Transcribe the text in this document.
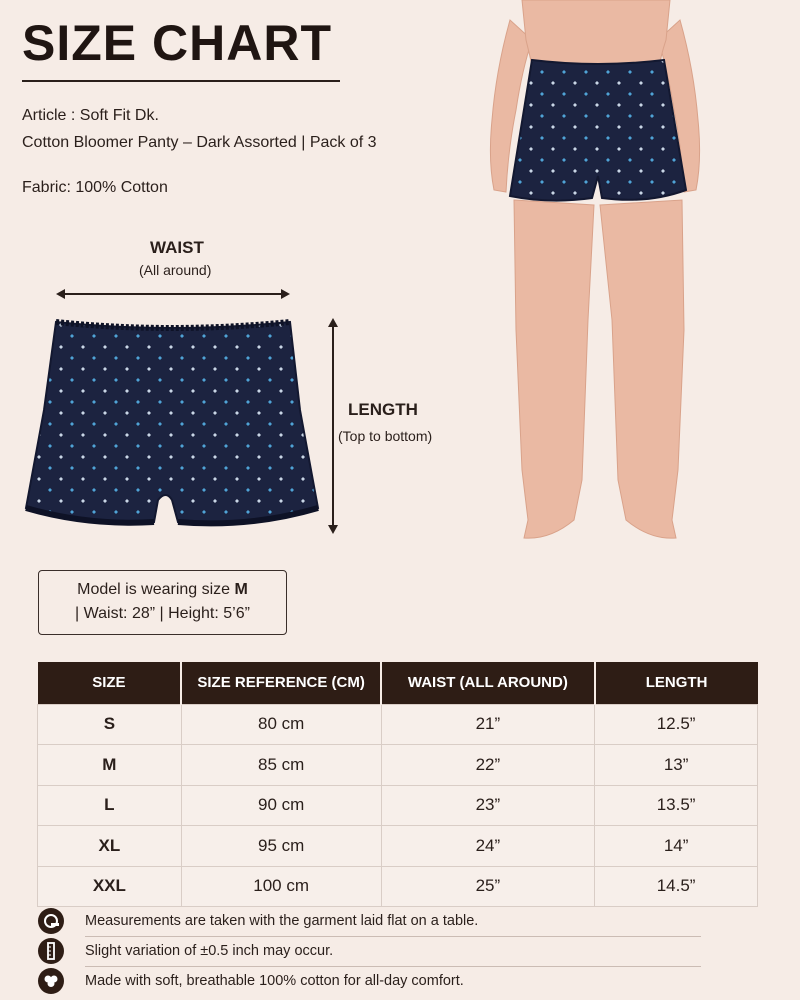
SIZE CHART
Article : Soft Fit Dk.
Cotton Bloomer Panty – Dark Assorted | Pack of 3
Fabric: 100% Cotton
WAIST
(All around)
LENGTH
(Top to bottom)
Model is wearing size M
| Waist: 28” | Height: 5’6”
SIZE	SIZE REFERENCE (CM)	WAIST (ALL AROUND)	LENGTH
S	80 cm	21”	12.5”
M	85 cm	22”	13”
L	90 cm	23”	13.5”
XL	95 cm	24”	14”
XXL	100 cm	25”	14.5”
Measurements are taken with the garment laid flat on a table.
Slight variation of ±0.5 inch may occur.
Made with soft, breathable 100% cotton for all-day comfort.
